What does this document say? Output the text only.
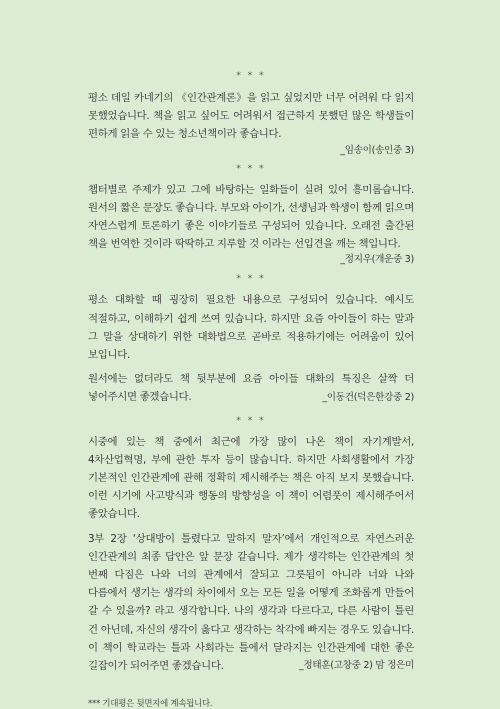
* * *

평소 데일 카네기의 《인간관계론》을 읽고 싶었지만 너무 어려워 다 읽지 못했었습니다. 책을 읽고 싶어도 어려워서 접근하지 못했던 많은 학생들이 편하게 읽을 수 있는 청소년책이라 좋습니다.

_임송이(송인중 3)

* * *

챕터별로 주제가 있고 그에 바탕하는 일화들이 실려 있어 흥미롭습니다. 원서의 짧은 문장도 좋습니다. 부모와 아이가, 선생님과 학생이 함께 읽으며 자연스럽게 토론하기 좋은 이야기들로 구성되어 있습니다. 오래전 출간된 책을 번역한 것이라 딱딱하고 지루할 것 이라는 선입견을 깨는 책입니다.

_정지우(개운중 3)

* * *

평소 대화할 때 굉장히 필요한 내용으로 구성되어 있습니다. 예시도 적절하고, 이해하기 쉽게 쓰여 있습니다. 하지만 요즘 아이들이 하는 말과 그 말을 상대하기 위한 대화법으로 곧바로 적용하기에는 어려움이 있어 보입니다.

원서에는 없더라도 책 뒷부분에 요즘 아이들 대화의 특징은 살짝 더 넣어주시면 좋겠습니다.	_이동건(덕은한강중 2)

* * *

시중에 있는 책 중에서 최근에 가장 많이 나온 책이 자기계발서, 4차산업혁명, 부에 관한 투자 등이 많습니다. 하지만 사회생활에서 가장 기본적인 인간관계에 관해 정확히 제시해주는 책은 아직 보지 못했습니다. 이런 시기에 사고방식과 행동의 방향성을 이 책이 어렴풋이 제시해주어서 좋았습니다.

3부 2장 ‘상대방이 틀렸다고 말하지 말자’에서 개인적으로 자연스러운 인간관계의 최종 답안은 앞 문장 같습니다. 제가 생각하는 인간관계의 첫 번째 다짐은 나와 너의 관계에서 잘되고 그릇됨이 아니라 너와 나와 다름에서 생기는 생각의 차이에서 오는 모든 일을 어떻게 조화롭게 만들어 갈 수 있을까? 라고 생각합니다. 나의 생각과 다르다고, 다른 사람이 틀린 건 아닌데, 자신의 생각이 옳다고 생각하는 착각에 빠지는 경우도 있습니다. 이 책이 학교라는 틀과 사회라는 틀에서 달라지는 인간관계에 대한 좋은 길잡이가 되어주면 좋겠습니다.	_정태훈(고창중 2) 맘 정은미

*** 기대평은 뒷면지에 계속됩니다.
